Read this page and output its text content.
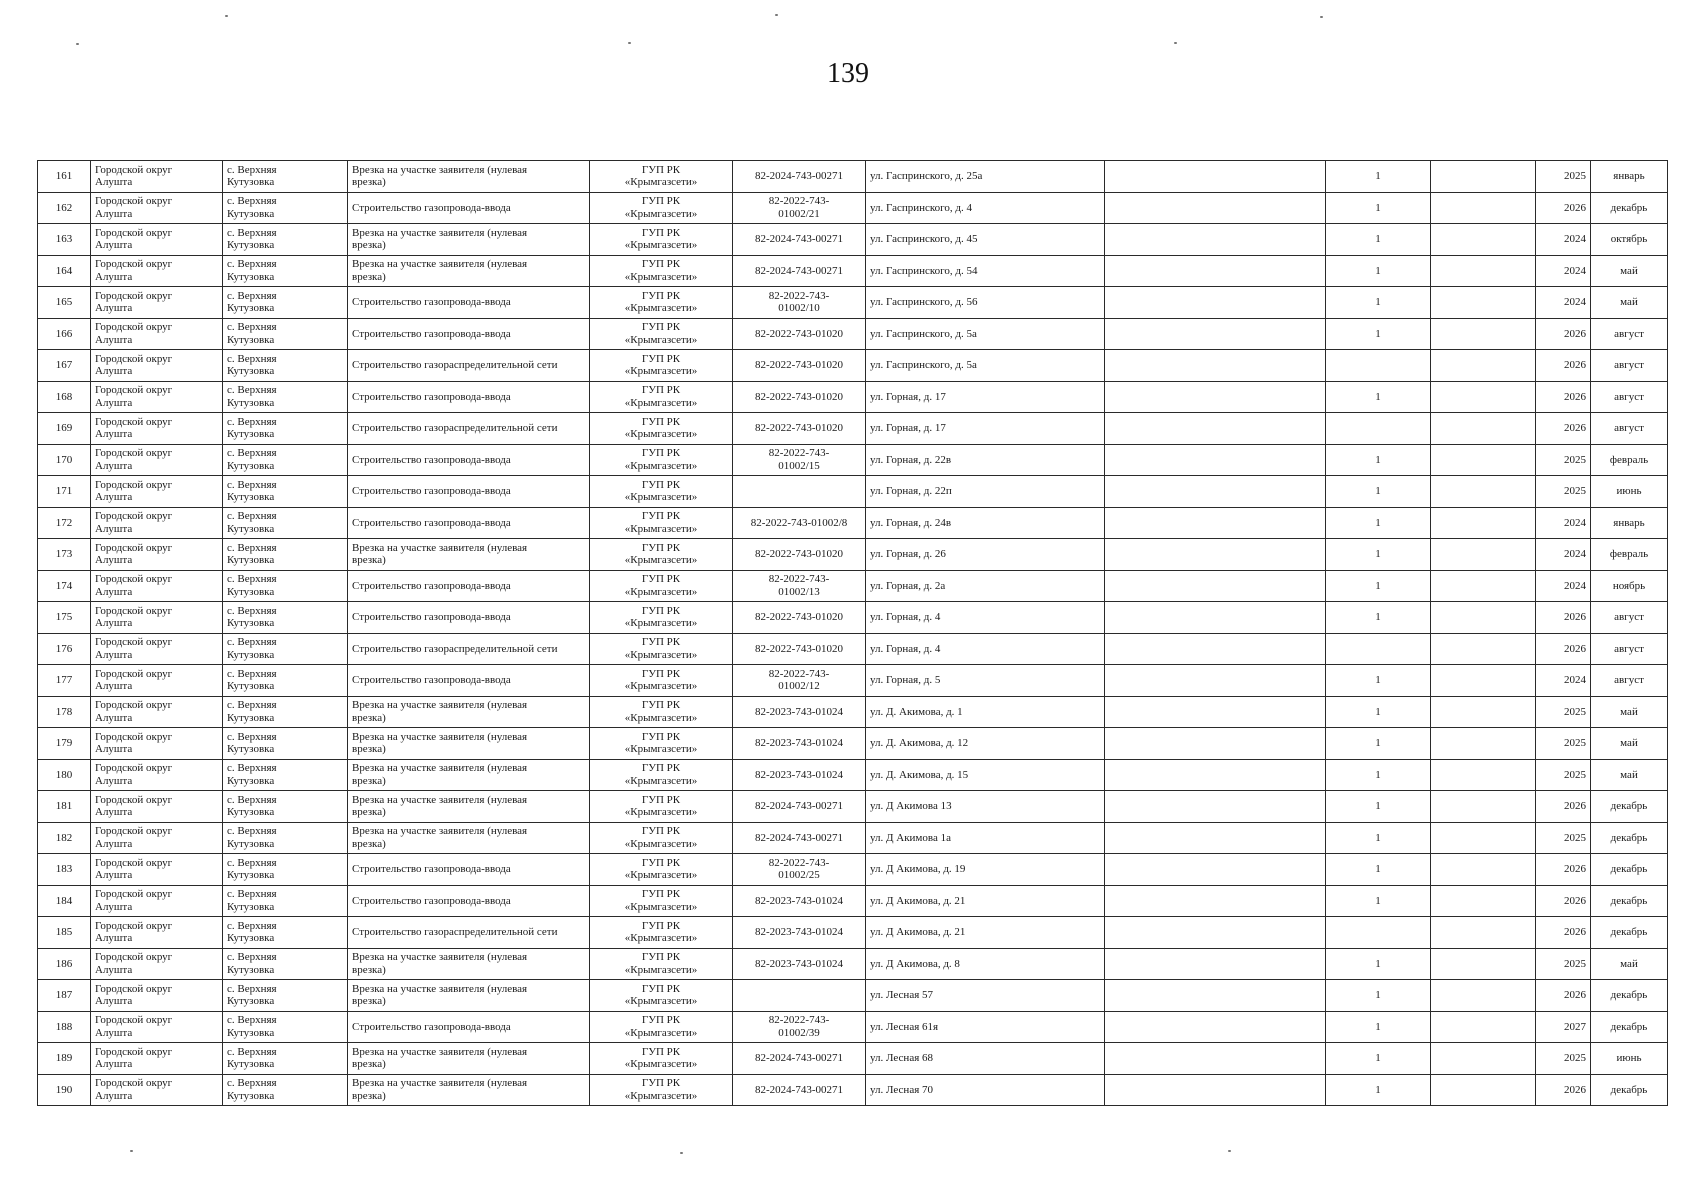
139
161	Городской округ
Алушта	с. Верхняя
Кутузовка	Врезка на участке заявителя (нулевая
врезка)	ГУП РК
«Крымгазсети»	82-2024-743-00271	ул. Гаспринского, д. 25а		1		2025	январь
162	Городской округ
Алушта	с. Верхняя
Кутузовка	Строительство газопровода-ввода	ГУП РК
«Крымгазсети»	82-2022-743-
01002/21	ул. Гаспринского, д. 4		1		2026	декабрь
163	Городской округ
Алушта	с. Верхняя
Кутузовка	Врезка на участке заявителя (нулевая
врезка)	ГУП РК
«Крымгазсети»	82-2024-743-00271	ул. Гаспринского, д. 45		1		2024	октябрь
164	Городской округ
Алушта	с. Верхняя
Кутузовка	Врезка на участке заявителя (нулевая
врезка)	ГУП РК
«Крымгазсети»	82-2024-743-00271	ул. Гаспринского, д. 54		1		2024	май
165	Городской округ
Алушта	с. Верхняя
Кутузовка	Строительство газопровода-ввода	ГУП РК
«Крымгазсети»	82-2022-743-
01002/10	ул. Гаспринского, д. 56		1		2024	май
166	Городской округ
Алушта	с. Верхняя
Кутузовка	Строительство газопровода-ввода	ГУП РК
«Крымгазсети»	82-2022-743-01020	ул. Гаспринского, д. 5а		1		2026	август
167	Городской округ
Алушта	с. Верхняя
Кутузовка	Строительство газораспределительной сети	ГУП РК
«Крымгазсети»	82-2022-743-01020	ул. Гаспринского, д. 5а				2026	август
168	Городской округ
Алушта	с. Верхняя
Кутузовка	Строительство газопровода-ввода	ГУП РК
«Крымгазсети»	82-2022-743-01020	ул. Горная, д. 17		1		2026	август
169	Городской округ
Алушта	с. Верхняя
Кутузовка	Строительство газораспределительной сети	ГУП РК
«Крымгазсети»	82-2022-743-01020	ул. Горная, д. 17				2026	август
170	Городской округ
Алушта	с. Верхняя
Кутузовка	Строительство газопровода-ввода	ГУП РК
«Крымгазсети»	82-2022-743-
01002/15	ул. Горная, д. 22в		1		2025	февраль
171	Городской округ
Алушта	с. Верхняя
Кутузовка	Строительство газопровода-ввода	ГУП РК
«Крымгазсети»		ул. Горная, д. 22п		1		2025	июнь
172	Городской округ
Алушта	с. Верхняя
Кутузовка	Строительство газопровода-ввода	ГУП РК
«Крымгазсети»	82-2022-743-01002/8	ул. Горная, д. 24в		1		2024	январь
173	Городской округ
Алушта	с. Верхняя
Кутузовка	Врезка на участке заявителя (нулевая
врезка)	ГУП РК
«Крымгазсети»	82-2022-743-01020	ул. Горная, д. 26		1		2024	февраль
174	Городской округ
Алушта	с. Верхняя
Кутузовка	Строительство газопровода-ввода	ГУП РК
«Крымгазсети»	82-2022-743-
01002/13	ул. Горная, д. 2а		1		2024	ноябрь
175	Городской округ
Алушта	с. Верхняя
Кутузовка	Строительство газопровода-ввода	ГУП РК
«Крымгазсети»	82-2022-743-01020	ул. Горная, д. 4		1		2026	август
176	Городской округ
Алушта	с. Верхняя
Кутузовка	Строительство газораспределительной сети	ГУП РК
«Крымгазсети»	82-2022-743-01020	ул. Горная, д. 4				2026	август
177	Городской округ
Алушта	с. Верхняя
Кутузовка	Строительство газопровода-ввода	ГУП РК
«Крымгазсети»	82-2022-743-
01002/12	ул. Горная, д. 5		1		2024	август
178	Городской округ
Алушта	с. Верхняя
Кутузовка	Врезка на участке заявителя (нулевая
врезка)	ГУП РК
«Крымгазсети»	82-2023-743-01024	ул. Д. Акимова, д. 1		1		2025	май
179	Городской округ
Алушта	с. Верхняя
Кутузовка	Врезка на участке заявителя (нулевая
врезка)	ГУП РК
«Крымгазсети»	82-2023-743-01024	ул. Д. Акимова, д. 12		1		2025	май
180	Городской округ
Алушта	с. Верхняя
Кутузовка	Врезка на участке заявителя (нулевая
врезка)	ГУП РК
«Крымгазсети»	82-2023-743-01024	ул. Д. Акимова, д. 15		1		2025	май
181	Городской округ
Алушта	с. Верхняя
Кутузовка	Врезка на участке заявителя (нулевая
врезка)	ГУП РК
«Крымгазсети»	82-2024-743-00271	ул. Д Акимова 13		1		2026	декабрь
182	Городской округ
Алушта	с. Верхняя
Кутузовка	Врезка на участке заявителя (нулевая
врезка)	ГУП РК
«Крымгазсети»	82-2024-743-00271	ул. Д Акимова 1а		1		2025	декабрь
183	Городской округ
Алушта	с. Верхняя
Кутузовка	Строительство газопровода-ввода	ГУП РК
«Крымгазсети»	82-2022-743-
01002/25	ул. Д Акимова, д. 19		1		2026	декабрь
184	Городской округ
Алушта	с. Верхняя
Кутузовка	Строительство газопровода-ввода	ГУП РК
«Крымгазсети»	82-2023-743-01024	ул. Д Акимова, д. 21		1		2026	декабрь
185	Городской округ
Алушта	с. Верхняя
Кутузовка	Строительство газораспределительной сети	ГУП РК
«Крымгазсети»	82-2023-743-01024	ул. Д Акимова, д. 21				2026	декабрь
186	Городской округ
Алушта	с. Верхняя
Кутузовка	Врезка на участке заявителя (нулевая
врезка)	ГУП РК
«Крымгазсети»	82-2023-743-01024	ул. Д Акимова, д. 8		1		2025	май
187	Городской округ
Алушта	с. Верхняя
Кутузовка	Врезка на участке заявителя (нулевая
врезка)	ГУП РК
«Крымгазсети»		ул. Лесная 57		1		2026	декабрь
188	Городской округ
Алушта	с. Верхняя
Кутузовка	Строительство газопровода-ввода	ГУП РК
«Крымгазсети»	82-2022-743-
01002/39	ул. Лесная 61я		1		2027	декабрь
189	Городской округ
Алушта	с. Верхняя
Кутузовка	Врезка на участке заявителя (нулевая
врезка)	ГУП РК
«Крымгазсети»	82-2024-743-00271	ул. Лесная 68		1		2025	июнь
190	Городской округ
Алушта	с. Верхняя
Кутузовка	Врезка на участке заявителя (нулевая
врезка)	ГУП РК
«Крымгазсети»	82-2024-743-00271	ул. Лесная 70		1		2026	декабрь
